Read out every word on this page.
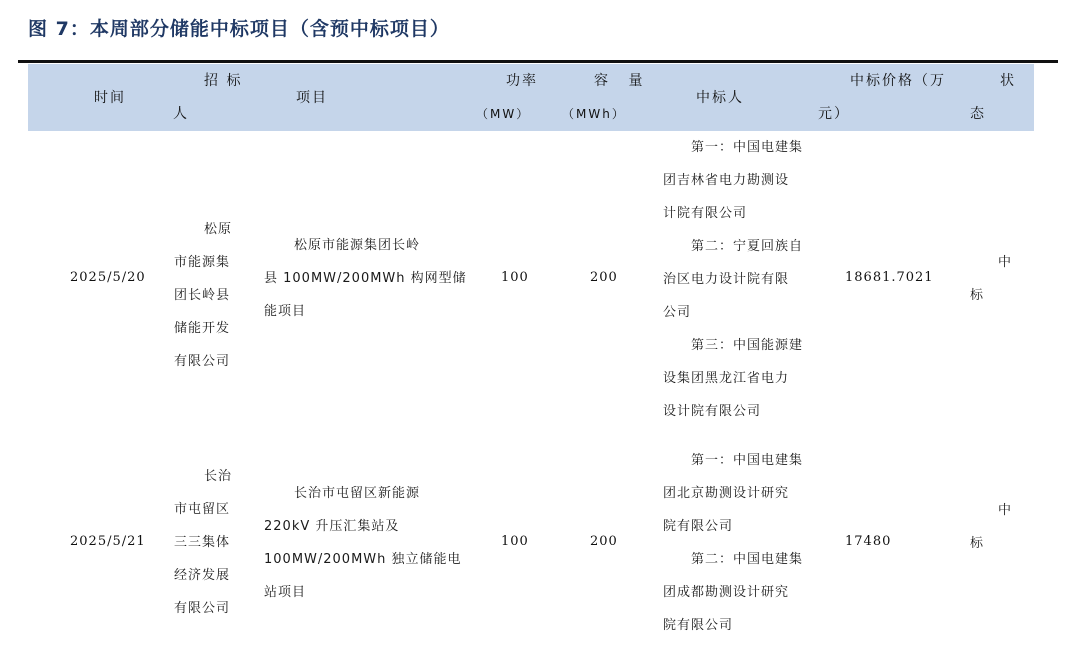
图 7：本周部分储能中标项目（含预中标项目）
时间
招 标
人
项目
功率
（MW）
容 量
（MWh）
中标人
中标价格（万
元）
状
态
2025/5/20
松原
市能源集
团长岭县
储能开发
有限公司
松原市能源集团长岭
县 100MW/200MWh 构网型储
能项目
100	200
第一：中国电建集
团吉林省电力勘测设
计院有限公司
第二：宁夏回族自
治区电力设计院有限
公司
第三：中国能源建
设集团黑龙江省电力
设计院有限公司
18681.7021
中
标
2025/5/21
长治
市屯留区
三三集体
经济发展
有限公司
长治市屯留区新能源
220kV 升压汇集站及
100MW/200MWh 独立储能电
站项目
100	200
第一：中国电建集
团北京勘测设计研究
院有限公司
第二：中国电建集
团成都勘测设计研究
院有限公司
17480
中
标
